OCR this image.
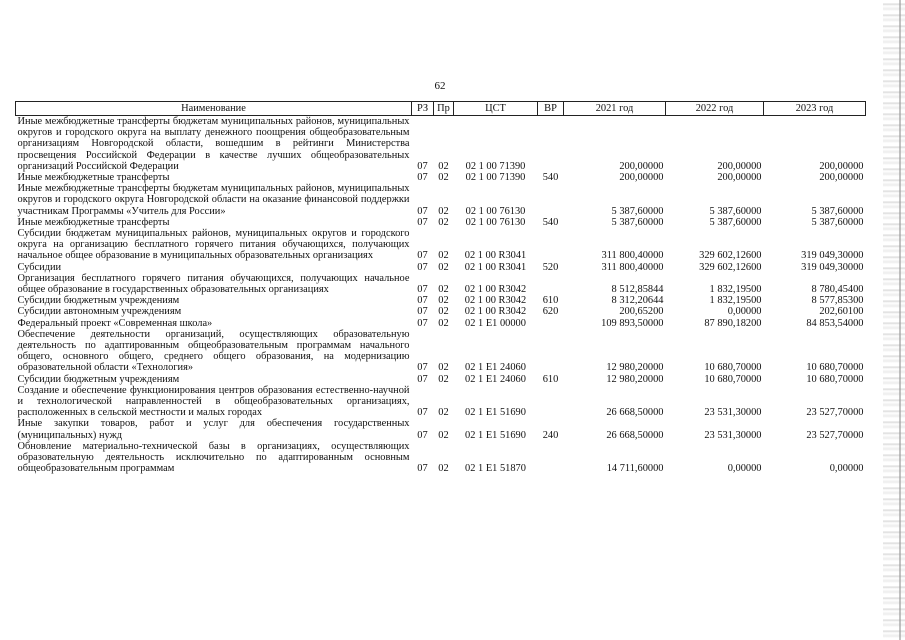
62
Наименование	РЗ	Пр	ЦСТ	ВР	2021 год	2022 год	2023 год
Иные межбюджетные трансферты бюджетам муниципальных районов, муниципальных округов и городского округа на выплату денежного поощрения общеобразовательным организациям Новгородской области, вошедшим в рейтинги Министерства просвещения Российской Федерации в качестве лучших общеобразовательных организаций Российской Федерации	07	02	02 1 00 71390		200,00000	200,00000	200,00000
Иные межбюджетные трансферты	07	02	02 1 00 71390	540	200,00000	200,00000	200,00000
Иные межбюджетные трансферты бюджетам муниципальных районов, муниципальных округов и городского округа Новгородской области на оказание финансовой поддержки участникам Программы «Учитель для России»	07	02	02 1 00 76130		5 387,60000	5 387,60000	5 387,60000
Иные межбюджетные трансферты	07	02	02 1 00 76130	540	5 387,60000	5 387,60000	5 387,60000
Субсидии бюджетам муниципальных районов, муниципальных округов и городского округа на организацию бесплатного горячего питания обучающихся, получающих начальное общее образование в муниципальных образовательных организациях	07	02	02 1 00 R3041		311 800,40000	329 602,12600	319 049,30000
Субсидии	07	02	02 1 00 R3041	520	311 800,40000	329 602,12600	319 049,30000
Организация бесплатного горячего питания обучающихся, получающих начальное общее образование в государственных образовательных организациях	07	02	02 1 00 R3042		8 512,85844	1 832,19500	8 780,45400
Субсидии бюджетным учреждениям	07	02	02 1 00 R3042	610	8 312,20644	1 832,19500	8 577,85300
Субсидии автономным учреждениям	07	02	02 1 00 R3042	620	200,65200	0,00000	202,60100
Федеральный проект «Современная школа»	07	02	02 1 E1 00000		109 893,50000	87 890,18200	84 853,54000
Обеспечение деятельности организаций, осуществляющих образовательную деятельность по адаптированным общеобразовательным программам начального общего, основного общего, среднего общего образования, на модернизацию образовательной области «Технология»	07	02	02 1 E1 24060		12 980,20000	10 680,70000	10 680,70000
Субсидии бюджетным учреждениям	07	02	02 1 E1 24060	610	12 980,20000	10 680,70000	10 680,70000
Создание и обеспечение функционирования центров образования естественно-научной и технологической направленностей в общеобразовательных организациях, расположенных в сельской местности и малых городах	07	02	02 1 E1 51690		26 668,50000	23 531,30000	23 527,70000
Иные закупки товаров, работ и услуг для обеспечения государственных (муниципальных) нужд	07	02	02 1 E1 51690	240	26 668,50000	23 531,30000	23 527,70000
Обновление материально-технической базы в организациях, осуществляющих образовательную деятельность исключительно по адаптированным основным общеобразовательным программам	07	02	02 1 E1 51870		14 711,60000	0,00000	0,00000
